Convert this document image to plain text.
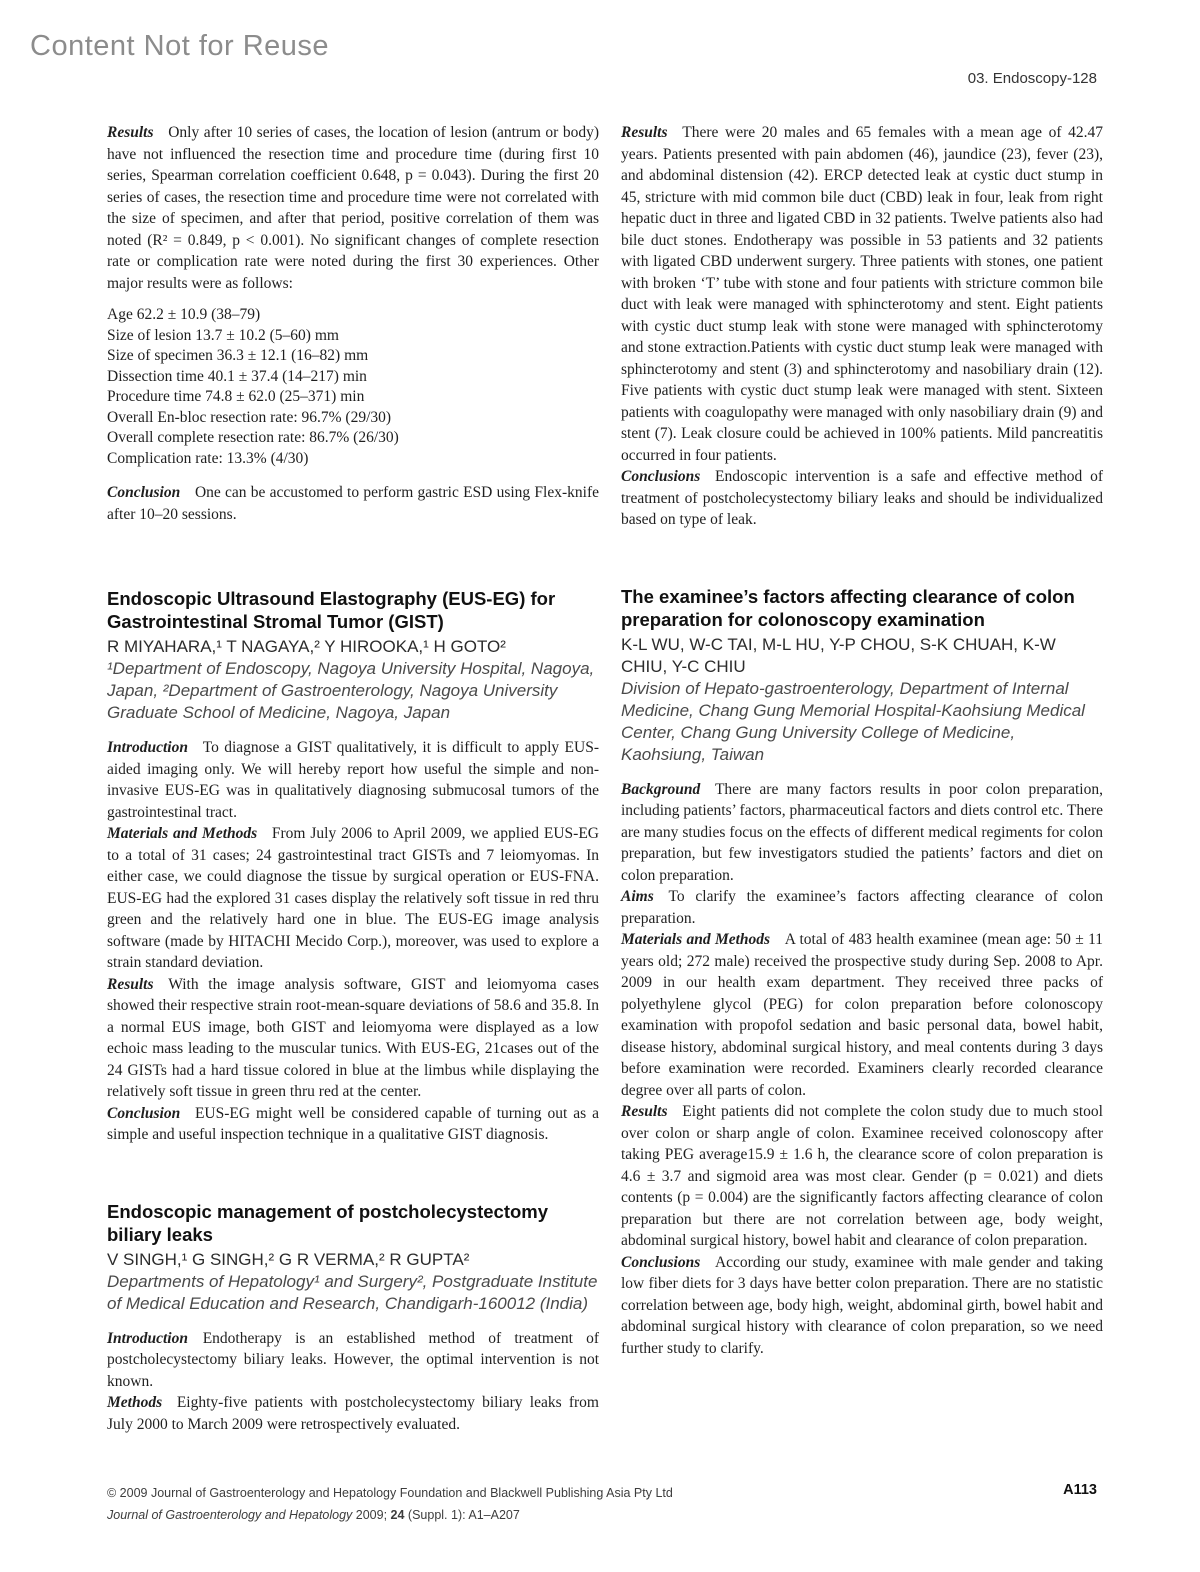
Content Not for Reuse
03. Endoscopy-128

Results Only after 10 series of cases, the location of lesion (antrum or body) have not influenced the resection time and procedure time (during first 10 series, Spearman correlation coefficient 0.648, p = 0.043). During the first 20 series of cases, the resection time and procedure time were not correlated with the size of specimen, and after that period, positive correlation of them was noted (R² = 0.849, p < 0.001). No significant changes of complete resection rate or complication rate were noted during the first 30 experiences. Other major results were as follows:

Age 62.2 ± 10.9 (38–79)
Size of lesion 13.7 ± 10.2 (5–60) mm
Size of specimen 36.3 ± 12.1 (16–82) mm
Dissection time 40.1 ± 37.4 (14–217) min
Procedure time 74.8 ± 62.0 (25–371) min
Overall En-bloc resection rate: 96.7% (29/30)
Overall complete resection rate: 86.7% (26/30)
Complication rate: 13.3% (4/30)

Conclusion One can be accustomed to perform gastric ESD using Flex-knife after 10–20 sessions.

Endoscopic Ultrasound Elastography (EUS-EG) for Gastrointestinal Stromal Tumor (GIST)
R MIYAHARA,¹ T NAGAYA,² Y HIROOKA,¹ H GOTO²
¹Department of Endoscopy, Nagoya University Hospital, Nagoya, Japan, ²Department of Gastroenterology, Nagoya University Graduate School of Medicine, Nagoya, Japan

Introduction To diagnose a GIST qualitatively, it is difficult to apply EUS-aided imaging only. We will hereby report how useful the simple and non-invasive EUS-EG was in qualitatively diagnosing submucosal tumors of the gastrointestinal tract.

Materials and Methods From July 2006 to April 2009, we applied EUS-EG to a total of 31 cases; 24 gastrointestinal tract GISTs and 7 leiomyomas. In either case, we could diagnose the tissue by surgical operation or EUS-FNA. EUS-EG had the explored 31 cases display the relatively soft tissue in red thru green and the relatively hard one in blue. The EUS-EG image analysis software (made by HITACHI Mecido Corp.), moreover, was used to explore a strain standard deviation.

Results With the image analysis software, GIST and leiomyoma cases showed their respective strain root-mean-square deviations of 58.6 and 35.8. In a normal EUS image, both GIST and leiomyoma were displayed as a low echoic mass leading to the muscular tunics. With EUS-EG, 21cases out of the 24 GISTs had a hard tissue colored in blue at the limbus while displaying the relatively soft tissue in green thru red at the center.

Conclusion EUS-EG might well be considered capable of turning out as a simple and useful inspection technique in a qualitative GIST diagnosis.

Endoscopic management of postcholecystectomy biliary leaks
V SINGH,¹ G SINGH,² G R VERMA,² R GUPTA²
Departments of Hepatology¹ and Surgery², Postgraduate Institute of Medical Education and Research, Chandigarh-160012 (India)

Introduction Endotherapy is an established method of treatment of postcholecystectomy biliary leaks. However, the optimal intervention is not known.

Methods Eighty-five patients with postcholecystectomy biliary leaks from July 2000 to March 2009 were retrospectively evaluated.

Results There were 20 males and 65 females with a mean age of 42.47 years. Patients presented with pain abdomen (46), jaundice (23), fever (23), and abdominal distension (42). ERCP detected leak at cystic duct stump in 45, stricture with mid common bile duct (CBD) leak in four, leak from right hepatic duct in three and ligated CBD in 32 patients. Twelve patients also had bile duct stones. Endotherapy was possible in 53 patients and 32 patients with ligated CBD underwent surgery. Three patients with stones, one patient with broken ‘T’ tube with stone and four patients with stricture common bile duct with leak were managed with sphincterotomy and stent. Eight patients with cystic duct stump leak with stone were managed with sphincterotomy and stone extraction.Patients with cystic duct stump leak were managed with sphincterotomy and stent (3) and sphincterotomy and nasobiliary drain (12). Five patients with cystic duct stump leak were managed with stent. Sixteen patients with coagulopathy were managed with only nasobiliary drain (9) and stent (7). Leak closure could be achieved in 100% patients. Mild pancreatitis occurred in four patients.

Conclusions Endoscopic intervention is a safe and effective method of treatment of postcholecystectomy biliary leaks and should be individualized based on type of leak.

The examinee’s factors affecting clearance of colon preparation for colonoscopy examination
K-L WU, W-C TAI, M-L HU, Y-P CHOU, S-K CHUAH, K-W CHIU, Y-C CHIU
Division of Hepato-gastroenterology, Department of Internal Medicine, Chang Gung Memorial Hospital-Kaohsiung Medical Center, Chang Gung University College of Medicine, Kaohsiung, Taiwan

Background There are many factors results in poor colon preparation, including patients’ factors, pharmaceutical factors and diets control etc. There are many studies focus on the effects of different medical regiments for colon preparation, but few investigators studied the patients’ factors and diet on colon preparation.

Aims To clarify the examinee’s factors affecting clearance of colon preparation.

Materials and Methods A total of 483 health examinee (mean age: 50 ± 11 years old; 272 male) received the prospective study during Sep. 2008 to Apr. 2009 in our health exam department. They received three packs of polyethylene glycol (PEG) for colon preparation before colonoscopy examination with propofol sedation and basic personal data, bowel habit, disease history, abdominal surgical history, and meal contents during 3 days before examination were recorded. Examiners clearly recorded clearance degree over all parts of colon.

Results Eight patients did not complete the colon study due to much stool over colon or sharp angle of colon. Examinee received colonoscopy after taking PEG average15.9 ± 1.6 h, the clearance score of colon preparation is 4.6 ± 3.7 and sigmoid area was most clear. Gender (p = 0.021) and diets contents (p = 0.004) are the significantly factors affecting clearance of colon preparation but there are not correlation between age, body weight, abdominal surgical history, bowel habit and clearance of colon preparation.

Conclusions According our study, examinee with male gender and taking low fiber diets for 3 days have better colon preparation. There are no statistic correlation between age, body high, weight, abdominal girth, bowel habit and abdominal surgical history with clearance of colon preparation, so we need further study to clarify.

© 2009 Journal of Gastroenterology and Hepatology Foundation and Blackwell Publishing Asia Pty Ltd
Journal of Gastroenterology and Hepatology 2009; 24 (Suppl. 1): A1–A207
A113
